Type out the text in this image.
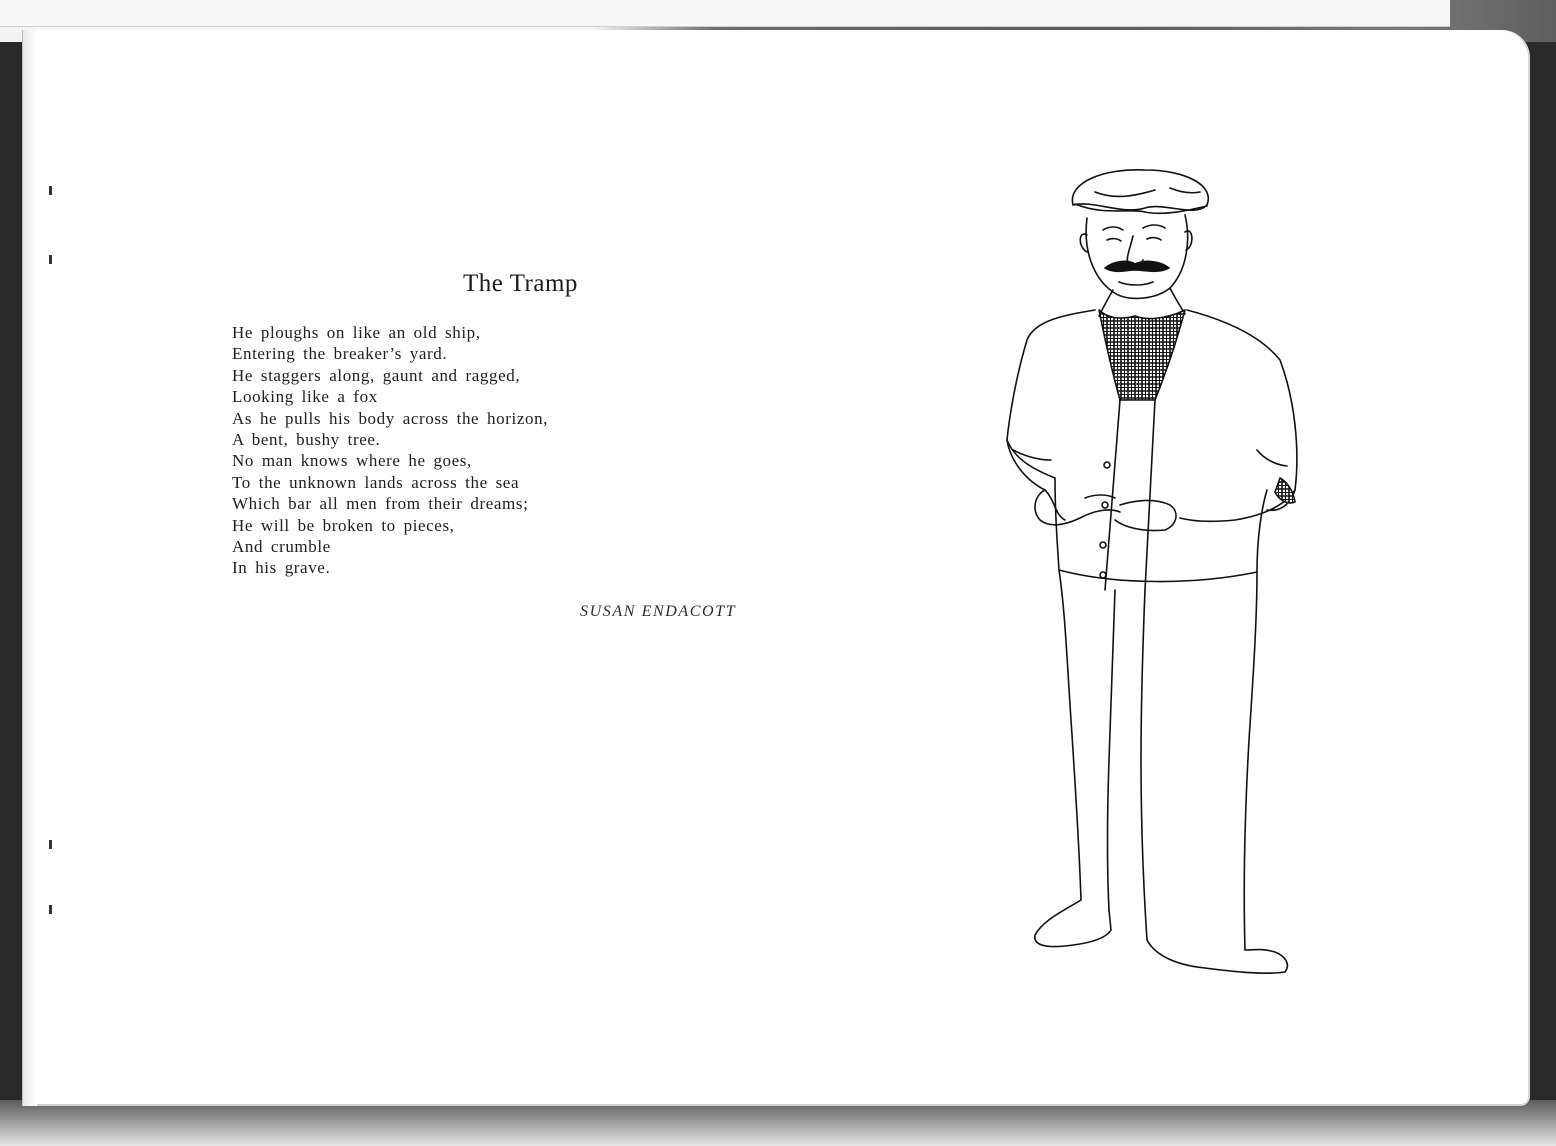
The Tramp
He ploughs on like an old ship,
Entering the breaker’s yard.
He staggers along, gaunt and ragged,
Looking like a fox
As he pulls his body across the horizon,
A bent, bushy tree.
No man knows where he goes,
To the unknown lands across the sea
Which bar all men from their dreams;
He will be broken to pieces,
And crumble
In his grave.

SUSAN ENDACOTT
